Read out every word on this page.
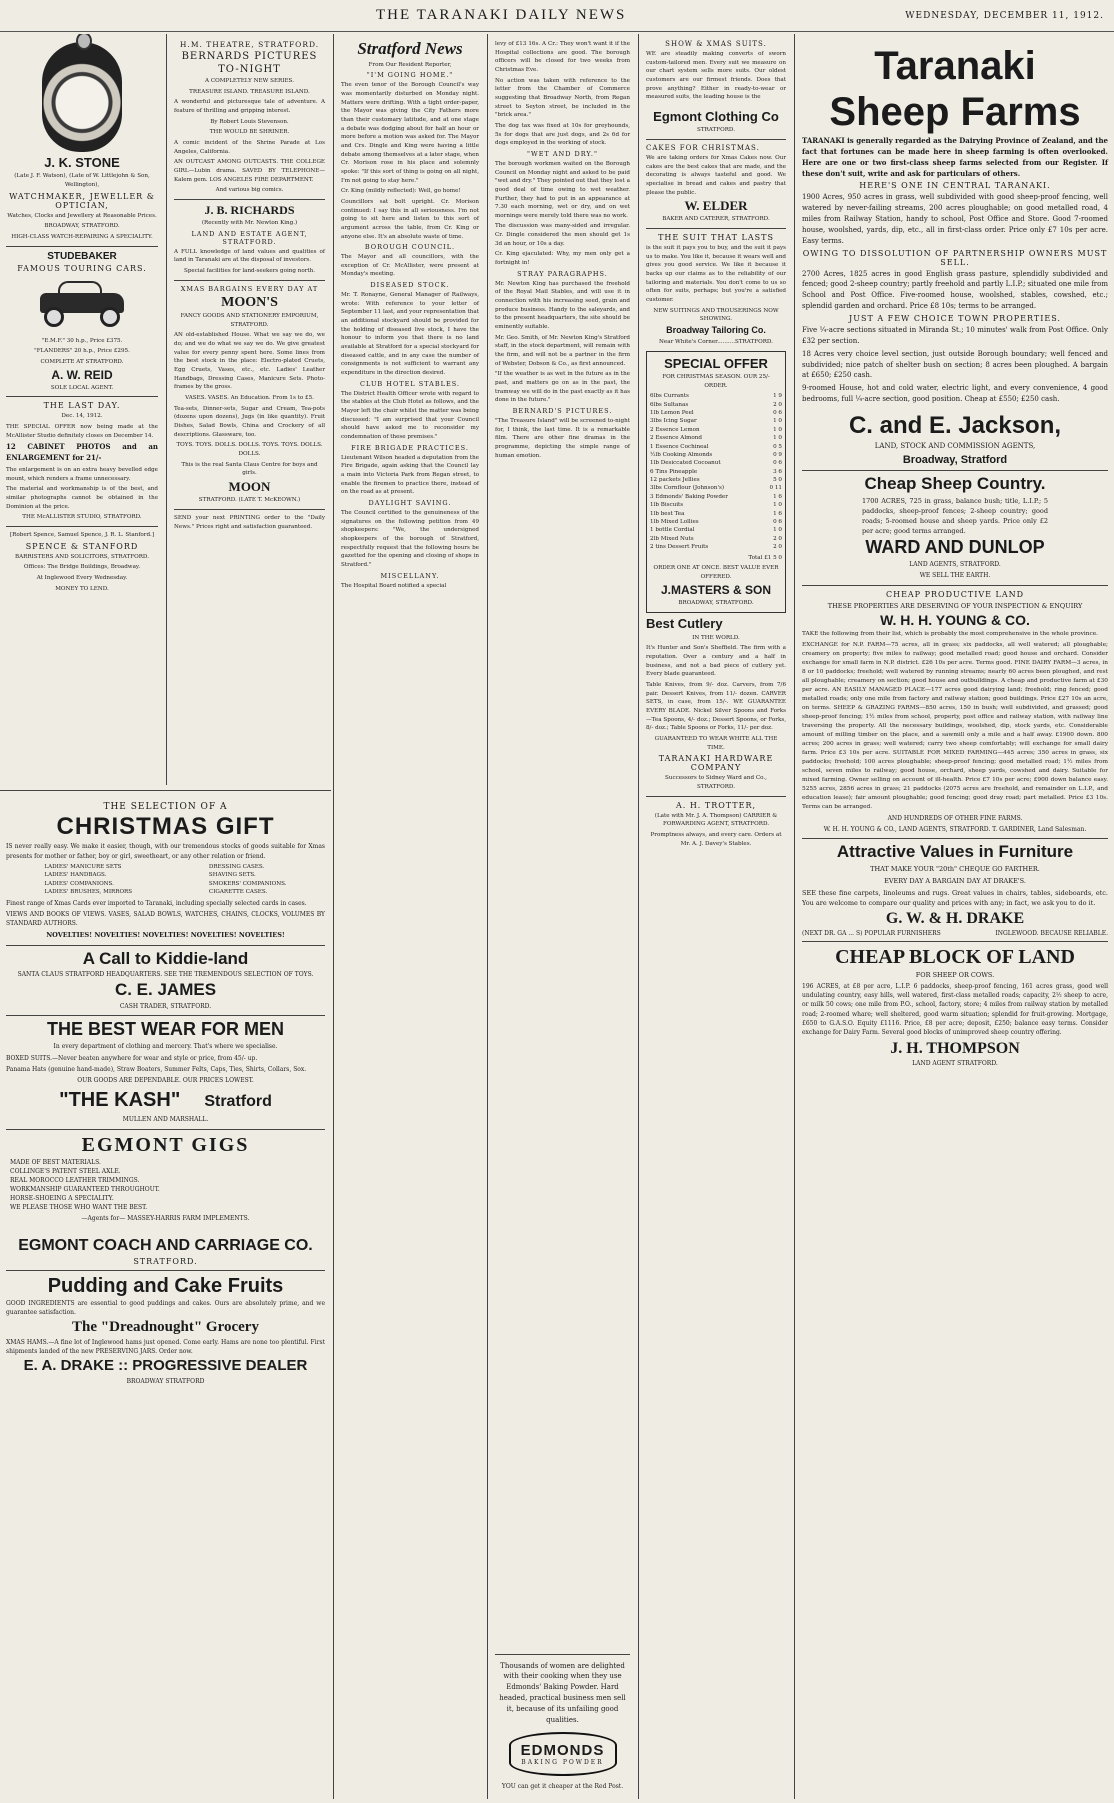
THE TARANAKI DAILY NEWS	WEDNESDAY, DECEMBER 11, 1912.
J. K. STONE
(Late J. F. Watson), (Late of W. Littlejohn & Son, Wellington),
WATCHMAKER, JEWELLER & OPTICIAN,
Watches, Clocks and Jewellery at Reasonable Prices.
BROADWAY, STRATFORD.
HIGH-CLASS WATCH-REPAIRING A SPECIALITY.
STUDEBAKER
FAMOUS TOURING CARS.
"E.M.F." 30 h.p., Price £375.
"FLANDERS" 20 h.p., Price £295.
COMPLETE AT STRATFORD.
A. W. REID
SOLE LOCAL AGENT.
THE LAST DAY.
Dec. 14, 1912.
THE SPECIAL OFFER now being made at the McAllister Studio definitely closes on December 14.
12 CABINET PHOTOS and an ENLARGEMENT for 21/-
The enlargement is on an extra heavy bevelled edge mount, which renders a frame unnecessary.
The material and workmanship is of the best, and similar photographs cannot be obtained in the Dominion at the price.
THE McALLISTER STUDIO, STRATFORD.
[Robert Spence, Samuel Spence, J. R. L. Stanford.]
SPENCE & STANFORD
BARRISTERS AND SOLICITORS, STRATFORD.
Offices: The Bridge Buildings, Broadway.
At Inglewood Every Wednesday.
MONEY TO LEND.
H.M. THEATRE, STRATFORD.
BERNARDS PICTURES
TO-NIGHT
A COMPLETELY NEW SERIES.
TREASURE ISLAND. TREASURE ISLAND.
A wonderful and picturesque tale of adventure. A feature of thrilling and gripping interest.
By Robert Louis Stevenson.
THE WOULD BE SHRINER.
A comic incident of the Shrine Parade at Los Angeles, California.
AN OUTCAST AMONG OUTCASTS. THE COLLEGE GIRL—Lubin drama. SAVED BY TELEPHONE—Kalem gem. LOS ANGELES FIRE DEPARTMENT.
And various big comics.
J. B. RICHARDS
(Recently with Mr. Newton King.)
LAND AND ESTATE AGENT, STRATFORD.
A FULL knowledge of land values and qualities of land in Taranaki are at the disposal of investors.
Special facilities for land-seekers going north.
XMAS BARGAINS EVERY DAY AT
MOON'S
FANCY GOODS AND STATIONERY EMPORIUM, STRATFORD.
AN old-established House. What we say we do, we do; and we do what we say we do. We give greatest value for every penny spent here. Some lines from the best stock in the place: Electro-plated Cruets, Egg Cruets, Vases, etc., etc. Ladies' Leather Handbags, Dressing Cases, Manicure Sets. Photo-frames by the gross.
VASES. VASES. An Education. From 1s to £5.
Tea-sets, Dinner-sets, Sugar and Cream, Tea-pots (dozens upon dozens), Jugs (in like quantity). Fruit Dishes, Salad Bowls, China and Crockery of all descriptions. Glassware, too.
TOYS. TOYS. DOLLS. DOLLS. TOYS. TOYS. DOLLS. DOLLS.
This is the real Santa Claus Centre for boys and girls.
MOON
STRATFORD. (LATE T. McKEOWN.)
SEND your next PRINTING order to the "Daily News." Prices right and satisfaction guaranteed.
THE SELECTION OF A
CHRISTMAS GIFT
IS never really easy. We make it easier, though, with our tremendous stocks of goods suitable for Xmas presents for mother or father, boy or girl, sweetheart, or any other relation or friend.
LADIES' MANICURE SETS
LADIES' HANDBAGS.
LADIES' COMPANIONS.
LADIES' BRUSHES, MIRRORS
DRESSING CASES.
SHAVING SETS.
SMOKERS' COMPANIONS.
CIGARETTE CASES.
Finest range of Xmas Cards ever imported to Taranaki, including specially selected cards in cases.
VIEWS AND BOOKS OF VIEWS. VASES, SALAD BOWLS, WATCHES, CHAINS, CLOCKS, VOLUMES BY STANDARD AUTHORS.
NOVELTIES! NOVELTIES! NOVELTIES! NOVELTIES! NOVELTIES!
A Call to Kiddie-land
SANTA CLAUS STRATFORD HEADQUARTERS. SEE THE TREMENDOUS SELECTION OF TOYS.
C. E. JAMES
CASH TRADER, STRATFORD.
THE BEST WEAR FOR MEN
In every department of clothing and mercery. That's where we specialise.
BOXED SUITS.—Never beaten anywhere for wear and style or price, from 45/- up.
Panama Hats (genuine hand-made), Straw Boaters, Summer Felts, Caps, Ties, Shirts, Collars, Sox.
OUR GOODS ARE DEPENDABLE. OUR PRICES LOWEST.
"THE KASH" Stratford
MULLEN AND MARSHALL.
EGMONT GIGS
MADE OF BEST MATERIALS.
COLLINGE'S PATENT STEEL AXLE.
REAL MOROCCO LEATHER TRIMMINGS.
WORKMANSHIP GUARANTEED THROUGHOUT.
HORSE-SHOEING A SPECIALITY.
WE PLEASE THOSE WHO WANT THE BEST.
—Agents for— MASSEY-HARRIS FARM IMPLEMENTS.
EGMONT COACH AND CARRIAGE CO.
STRATFORD.
Pudding and Cake Fruits
GOOD INGREDIENTS are essential to good puddings and cakes. Ours are absolutely prime, and we guarantee satisfaction.
The "Dreadnought" Grocery
XMAS HAMS.—A fine lot of Inglewood hams just opened. Come early. Hams are none too plentiful. First shipments landed of the new PRESERVING JARS. Order now.
E. A. DRAKE :: PROGRESSIVE DEALER
BROADWAY STRATFORD
Stratford News
From Our Resident Reporter,
"I'M GOING HOME."
The even tenor of the Borough Council's way was momentarily disturbed on Monday night. Matters were drifting. With a tight order-paper, the Mayor was giving the City Fathers more than their customary latitude, and at one stage a debate was dodging about for half an hour or more before a motion was asked for. The Mayor and Crs. Dingle and King were having a little debate among themselves at a later stage, when Cr. Morison rose in his place and solemnly spoke: "If this sort of thing is going on all night, I'm not going to stay here."
Cr. King (mildly reflected): Well, go home!
Councillors sat bolt upright. Cr. Morison continued: I say this in all seriousness. I'm not going to sit here and listen to this sort of argument across the table, from Cr. King or anyone else. It's an absolute waste of time.
BOROUGH COUNCIL.
The Mayor and all councillors, with the exception of Cr. McAllister, were present at Monday's meeting.
DISEASED STOCK.
Mr. T. Ronayne, General Manager of Railways, wrote: With reference to your letter of September 11 last, and your representation that an additional stockyard should be provided for the holding of diseased live stock, I have the honour to inform you that there is no land available at Stratford for a special stockyard for diseased cattle, and in any case the number of consignments is not sufficient to warrant any expenditure in the direction desired.
CLUB HOTEL STABLES.
The District Health Officer wrote with regard to the stables at the Club Hotel as follows, and the Mayor left the chair whilst the matter was being discussed: "I am surprised that your Council should have asked me to reconsider my condemnation of these premises."
FIRE BRIGADE PRACTICES.
Lieutenant Wilson headed a deputation from the Fire Brigade, again asking that the Council lay a main into Victoria Park from Regan street, to enable the firemen to practice there, instead of on the road as at present.
DAYLIGHT SAVING.
The Council certified to the genuineness of the signatures on the following petition from 49 shopkeepers: "We, the undersigned shopkeepers of the borough of Stratford, respectfully request that the following hours be gazetted for the opening and closing of shops in Stratford."
MISCELLANY.
The Hospital Board notified a special
levy of £13 16s. A Cr.: They won't want it if the Hospital collections are good. The borough officers will be closed for two weeks from Christmas Eve.
No action was taken with reference to the letter from the Chamber of Commerce suggesting that Broadway North, from Regan street to Seyton street, be included in the "brick area."
The dog tax was fixed at 10s for greyhounds, 5s for dogs that are just dogs, and 2s 6d for dogs employed in the working of stock.
"WET AND DRY."
The borough workmen waited on the Borough Council on Monday night and asked to be paid "wet and dry." They pointed out that they lost a good deal of time owing to wet weather. Further, they had to put in an appearance at 7.30 each morning, wet or dry, and on wet mornings were merely told there was no work.
The discussion was many-sided and irregular. Cr. Dingle considered the men should get 1s 3d an hour, or 10s a day.
Cr. King ejaculated: Why, my men only get a fortnight in!
STRAY PARAGRAPHS.
Mr. Newton King has purchased the freehold of the Royal Mail Stables, and will use it in connection with his increasing seed, grain and produce business. Handy to the saleyards, and to the present headquarters, the site should be eminently suitable.
Mr. Geo. Smith, of Mr. Newton King's Stratford staff, in the stock department, will remain with the firm, and will not be a partner in the firm of Webster, Dobson & Co., as first announced.
"If the weather is as wet in the future as in the past, and matters go on as in the past, the tramway we will do in the past exactly as it has done in the future."
BERNARD'S PICTURES.
"The Treasure Island" will be screened to-night for, I think, the last time. It is a remarkable film. There are other fine dramas in the programme, depicting the simple range of human emotion.
Thousands of women are delighted with their cooking when they use Edmonds' Baking Powder. Hard headed, practical business men sell it, because of its unfailing good qualities.
EDMONDS
BAKING POWDER
YOU can get it cheaper at the Red Post.
SHOW & XMAS SUITS.
WE are steadily making converts of sworn custom-tailored men. Every suit we measure on our chart system sells more suits. Our oldest customers are our firmest friends. Does that prove anything? Either in ready-to-wear or measured suits, the leading house is the
Egmont Clothing Co
STRATFORD.
CAKES FOR CHRISTMAS.
We are taking orders for Xmas Cakes now. Our cakes are the best cakes that are made, and the decorating is always tasteful and good. We specialise in bread and cakes and pastry that please the public.
W. ELDER
BAKER AND CATERER, STRATFORD.
THE SUIT THAT LASTS
is the suit it pays you to buy, and the suit it pays us to make. You like it, because it wears well and gives you good service. We like it because it backs up our claims as to the reliability of our tailoring and materials. You don't come to us so often for suits, perhaps; but you're a satisfied customer.
NEW SUITINGS AND TROUSERINGS NOW SHOWING.
Broadway Tailoring Co.
Near White's Corner..........STRATFORD.
SPECIAL OFFER
FOR CHRISTMAS SEASON. OUR 25/- ORDER.
6lbs Currants	1 9
6lbs Sultanas	2 0
1lb Lemon Peel	0 6
3lbs Icing Sugar	1 0
2 Essence Lemon	1 0
2 Essence Almond	1 0
1 Essence Cochineal	0 5
½lb Cooking Almonds	0 9
1lb Desiccated Cocoanut	0 6
6 Tins Pineapple	3 6
12 packets Jellies	5 0
3lbs Cornflour (Johnson's)	0 11
3 Edmonds' Baking Powder	1 6
1lb Biscuits	1 0
1lb best Tea	1 6
1lb Mixed Lollies	0 6
1 bottle Cordial	1 0
2lb Mixed Nuts	2 0
2 tins Dessert Fruits	2 0
Total £1 5 0
ORDER ONE AT ONCE. BEST VALUE EVER OFFERED.
J.MASTERS & SON
BROADWAY, STRATFORD.
Best Cutlery
IN THE WORLD.
It's Hunter and Son's Sheffield. The firm with a reputation. Over a century and a half in business, and not a bad piece of cutlery yet. Every blade guaranteed.
Table Knives, from 9/- doz. Carvers, from 7/6 pair. Dessert Knives, from 11/- dozen. CARVER SETS, in case, from 15/-. WE GUARANTEE EVERY BLADE. Nickel Silver Spoons and Forks—Tea Spoons, 4/- doz.; Dessert Spoons, or Forks, 8/- doz.; Table Spoons or Forks, 11/- per doz.
GUARANTEED TO WEAR WHITE ALL THE TIME.
TARANAKI HARDWARE COMPANY
Successors to Sidney Ward and Co., STRATFORD.
A. H. TROTTER,
(Late with Mr. J. A. Thompson) CARRIER & FORWARDING AGENT, STRATFORD.
Promptness always, and every care. Orders at Mr. A. J. Davey's Stables.
Taranaki
Sheep Farms
TARANAKI is generally regarded as the Dairying Province of Zealand, and the fact that fortunes can be made here in sheep farming is often overlooked. Here are one or two first-class sheep farms selected from our Register. If these don't suit, write and ask for particulars of others.
HERE'S ONE IN CENTRAL TARANAKI.
1900 Acres, 950 acres in grass, well subdivided with good sheep-proof fencing, well watered by never-failing streams, 200 acres ploughable; on good metalled road, 4 miles from Railway Station, handy to school, Post Office and Store. Good 7-roomed house, woolshed, yards, dip, etc., all in first-class order. Price only £7 10s per acre. Easy terms.
OWING TO DISSOLUTION OF PARTNERSHIP OWNERS MUST SELL.
2700 Acres, 1825 acres in good English grass pasture, splendidly subdivided and fenced; good 2-sheep country; partly freehold and partly L.I.P.; situated one mile from School and Post Office. Five-roomed house, woolshed, stables, cowshed, etc.; splendid garden and orchard. Price £8 10s; terms to be arranged.
JUST A FEW CHOICE TOWN PROPERTIES.
Five ¼-acre sections situated in Miranda St.; 10 minutes' walk from Post Office. Only £32 per section.
18 Acres very choice level section, just outside Borough boundary; well fenced and subdivided; nice patch of shelter bush on section; 8 acres been ploughed. A bargain at £650; £250 cash.
9-roomed House, hot and cold water, electric light, and every convenience, 4 good bedrooms, full ¼-acre section, good position. Cheap at £550; £250 cash.
C. and E. Jackson,
LAND, STOCK AND COMMISSION AGENTS,
Broadway, Stratford
Cheap Sheep Country.
1700 ACRES, 725 in grass, balance bush; title, L.I.P.; 5 paddocks, sheep-proof fences; 2-sheep country; good roads; 5-roomed house and sheep yards. Price only £2 per acre; good terms arranged.
WARD AND DUNLOP
LAND AGENTS, STRATFORD.
WE SELL THE EARTH.
CHEAP PRODUCTIVE LAND
THESE PROPERTIES ARE DESERVING OF YOUR INSPECTION & ENQUIRY
W. H. H. YOUNG & CO.
TAKE the following from their list, which is probably the most comprehensive in the whole province.
EXCHANGE for N.P. FARM—75 acres, all in grass; six paddocks, all well watered; all ploughable; creamery on property; five miles to railway; good metalled road; good house and orchard. Consider exchange for small farm in N.P. district. £26 10s per acre. Terms good. FINE DAIRY FARM—3 acres, in 8 or 10 paddocks; freehold; well watered by running streams; nearly 60 acres been ploughed, and rest all ploughable; creamery on section; good house and outbuildings. A cheap and productive farm at £30 per acre. AN EASILY MANAGED PLACE—177 acres good dairying land; freehold; ring fenced; good metalled roads; only one mile from factory and railway station; good buildings. Price £27 10s an acre, on terms. SHEEP & GRAZING FARMS—850 acres, 150 in bush; well subdivided, and grassed; good sheep-proof fencing; 1½ miles from school, property, post office and railway station, with railway line traversing the property. All the necessary buildings, woolshed, dip, stock yards, etc. Considerable amount of milling timber on the place, and a sawmill only a mile and a half away. £1900 down. 800 acres; 200 acres in grass; well watered; carry two sheep comfortably; will exchange for small dairy farm. Price £3 10s per acre. SUITABLE FOR MIXED FARMING—445 acres; 350 acres in grass, six paddocks; freehold; 100 acres ploughable; sheep-proof fencing; good metalled road; 1½ miles from school, seven miles to railway; good house, orchard, sheep yards, cowshed and dairy. Suitable for mixed farming. Owner selling on account of ill-health. Price £7 10s per acre; £900 down balance easy. 5255 acres, 2856 acres in grass; 21 paddocks (2075 acres are freehold, and remainder on L.I.P., and education lease); fair amount ploughable; good fencing; good dray road; part metalled. Price £3 10s. Terms can be arranged.
AND HUNDREDS OF OTHER FINE FARMS.
W. H. H. YOUNG & CO., LAND AGENTS, STRATFORD. T. GARDINER, Land Salesman.
Attractive Values in Furniture
THAT MAKE YOUR "20th" CHEQUE GO FARTHER.
EVERY DAY A BARGAIN DAY AT DRAKE'S.
SEE these fine carpets, linoleums and rugs. Great values in chairs, tables, sideboards, etc. You are welcome to compare our quality and prices with any; in fact, we ask you to do it.
G. W. & H. DRAKE
(NEXT DR. GA ... S) POPULAR FURNISHERS	INGLEWOOD. BECAUSE RELIABLE.
CHEAP BLOCK OF LAND
FOR SHEEP OR COWS.
196 ACRES, at £8 per acre, L.I.P. 6 paddocks, sheep-proof fencing, 161 acres grass, good well undulating country, easy hills, well watered, first-class metalled roads; capacity, 2½ sheep to acre, or milk 50 cows; one mile from P.O., school, factory, store; 4 miles from railway station by metalled road; 2-roomed whare; well sheltered, good warm situation; splendid for fruit-growing. Mortgage, £650 to G.A.S.O. Equity £1116. Price, £8 per acre; deposit, £250; balance easy terms. Consider exchange for Dairy Farm. Several good blocks of unimproved sheep country offering.
J. H. THOMPSON
LAND AGENT STRATFORD.
